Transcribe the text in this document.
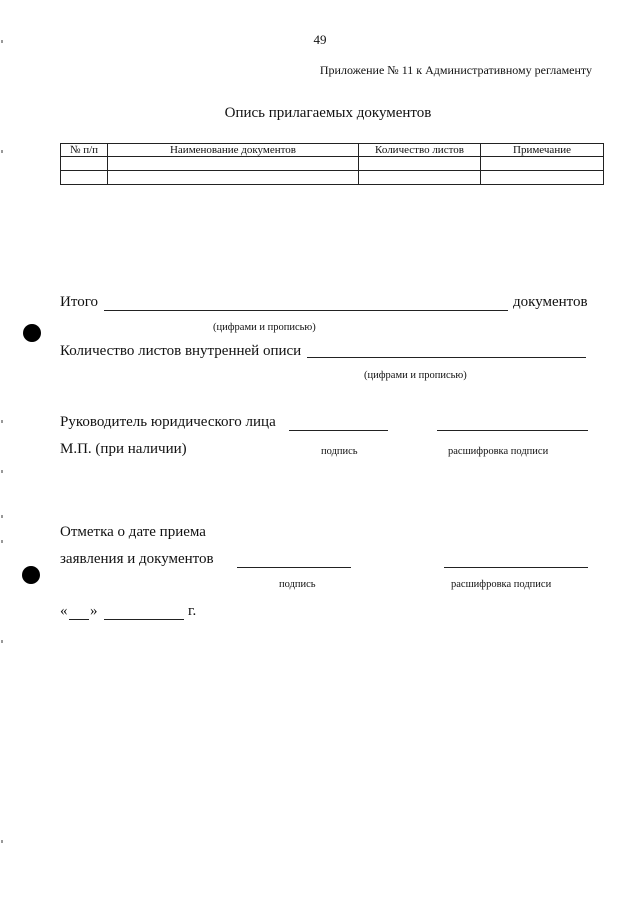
49
Приложение № 11 к Административному регламенту
Опись прилагаемых документов
№ п/п	Наименование документов	Количество листов	Примечание

Итого	документов
(цифрами и прописью)
Количество листов внутренней описи
(цифрами и прописью)
Руководитель юридического лица
М.П. (при наличии)	подпись	расшифровка подписи
Отметка о дате приема
заявления и документов
подпись	расшифровка подписи
« »	г.
